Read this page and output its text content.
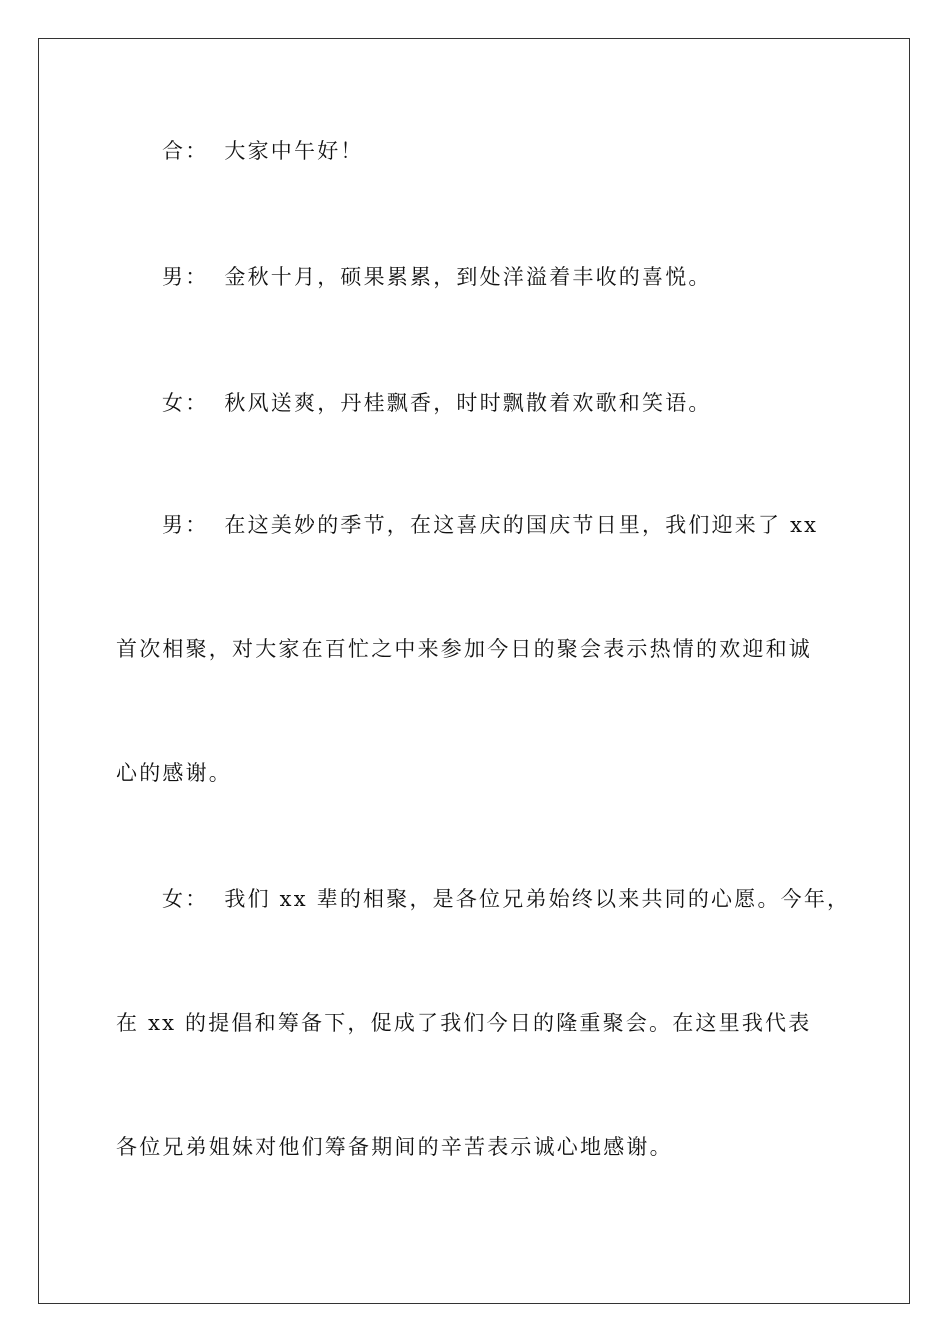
合： 大家中午好！
男： 金秋十月，硕果累累，到处洋溢着丰收的喜悦。
女： 秋风送爽，丹桂飘香，时时飘散着欢歌和笑语。
男： 在这美妙的季节，在这喜庆的国庆节日里，我们迎来了 xx
首次相聚，对大家在百忙之中来参加今日的聚会表示热情的欢迎和诚
心的感谢。
女： 我们 xx 辈的相聚，是各位兄弟始终以来共同的心愿。今年，
在 xx 的提倡和筹备下，促成了我们今日的隆重聚会。在这里我代表
各位兄弟姐妹对他们筹备期间的辛苦表示诚心地感谢。
